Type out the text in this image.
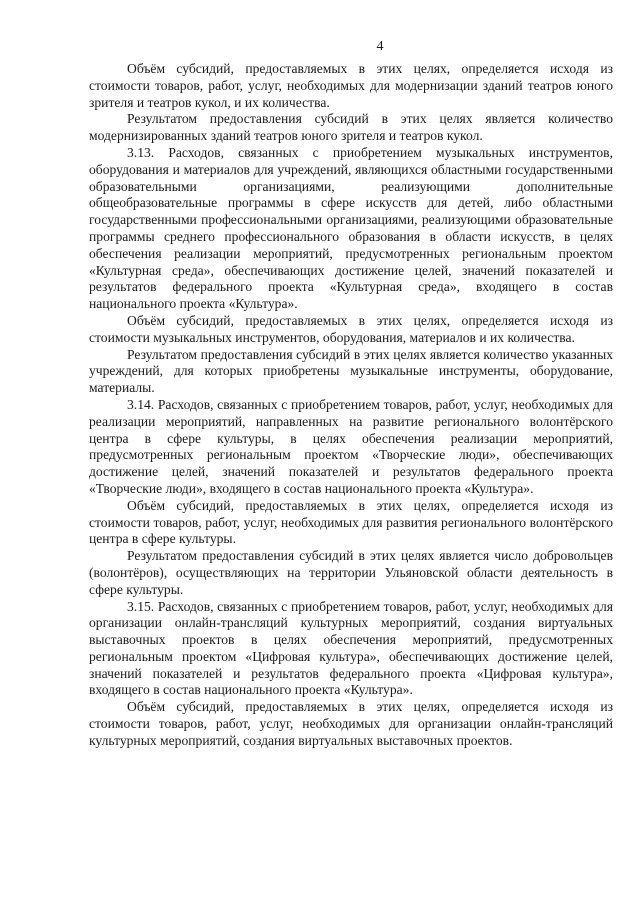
4

Объём субсидий, предоставляемых в этих целях, определяется исходя из стоимости товаров, работ, услуг, необходимых для модернизации зданий театров юного зрителя и театров кукол, и их количества.

Результатом предоставления субсидий в этих целях является количество модернизированных зданий театров юного зрителя и театров кукол.

3.13. Расходов, связанных с приобретением музыкальных инструментов, оборудования и материалов для учреждений, являющихся областными государственными образовательными организациями, реализующими дополнительные общеобразовательные программы в сфере искусств для детей, либо областными государственными профессиональными организациями, реализующими образовательные программы среднего профессионального образования в области искусств, в целях обеспечения реализации мероприятий, предусмотренных региональным проектом «Культурная среда», обеспечивающих достижение целей, значений показателей и результатов федерального проекта «Культурная среда», входящего в состав национального проекта «Культура».

Объём субсидий, предоставляемых в этих целях, определяется исходя из стоимости музыкальных инструментов, оборудования, материалов и их количества.

Результатом предоставления субсидий в этих целях является количество указанных учреждений, для которых приобретены музыкальные инструменты, оборудование, материалы.

3.14. Расходов, связанных с приобретением товаров, работ, услуг, необходимых для реализации мероприятий, направленных на развитие регионального волонтёрского центра в сфере культуры, в целях обеспечения реализации мероприятий, предусмотренных региональным проектом «Творческие люди», обеспечивающих достижение целей, значений показателей и результатов федерального проекта «Творческие люди», входящего в состав национального проекта «Культура».

Объём субсидий, предоставляемых в этих целях, определяется исходя из стоимости товаров, работ, услуг, необходимых для развития регионального волонтёрского центра в сфере культуры.

Результатом предоставления субсидий в этих целях является число добровольцев (волонтёров), осуществляющих на территории Ульяновской области деятельность в сфере культуры.

3.15. Расходов, связанных с приобретением товаров, работ, услуг, необходимых для организации онлайн-трансляций культурных мероприятий, создания виртуальных выставочных проектов в целях обеспечения мероприятий, предусмотренных региональным проектом «Цифровая культура», обеспечивающих достижение целей, значений показателей и результатов федерального проекта «Цифровая культура», входящего в состав национального проекта «Культура».

Объём субсидий, предоставляемых в этих целях, определяется исходя из стоимости товаров, работ, услуг, необходимых для организации онлайн-трансляций культурных мероприятий, создания виртуальных выставочных проектов.
